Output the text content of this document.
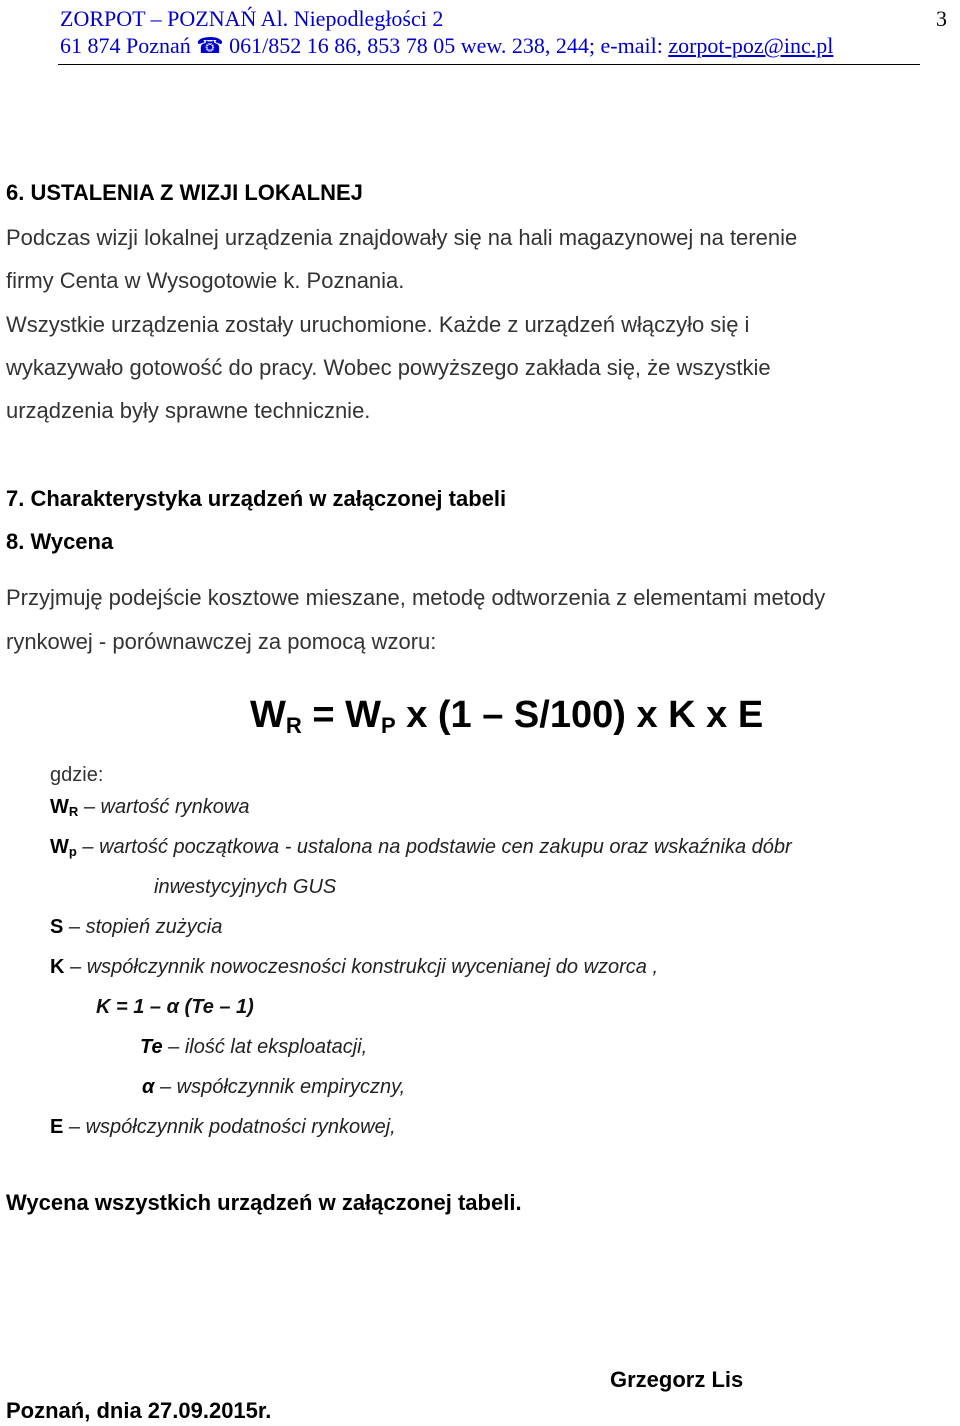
ZORPOT – POZNAŃ Al. Niepodległości 2
61 874 Poznań ☎ 061/852 16 86, 853 78 05 wew. 238, 244; e-mail: zorpot-poz@inc.pl
3
6. USTALENIA Z WIZJI LOKALNEJ
Podczas wizji lokalnej urządzenia znajdowały się na hali magazynowej na terenie
firmy Centa w Wysogotowie k. Poznania.
Wszystkie urządzenia zostały uruchomione. Każde z urządzeń włączyło się i
wykazywało gotowość do pracy. Wobec powyższego zakłada się, że wszystkie
urządzenia były sprawne technicznie.
7. Charakterystyka urządzeń w załączonej tabeli
8. Wycena
Przyjmuję podejście kosztowe mieszane, metodę odtworzenia z elementami metody
rynkowej - porównawczej za pomocą wzoru:
$W_R = W_P$ x (1 – S/100) x K x E
gdzie:
$W_R$ – wartość rynkowa
$W_p$ – wartość początkowa - ustalona na podstawie cen zakupu oraz wskaźnika dóbr
inwestycyjnych GUS
S – stopień zużycia
K – współczynnik nowoczesności konstrukcji wycenianej do wzorca ,
K = 1 – α (Te – 1)
Te – ilość lat eksploatacji,
α – współczynnik empiryczny,
E – współczynnik podatności rynkowej,
Wycena wszystkich urządzeń w załączonej tabeli.
Grzegorz Lis
Poznań, dnia 27.09.2015r.
